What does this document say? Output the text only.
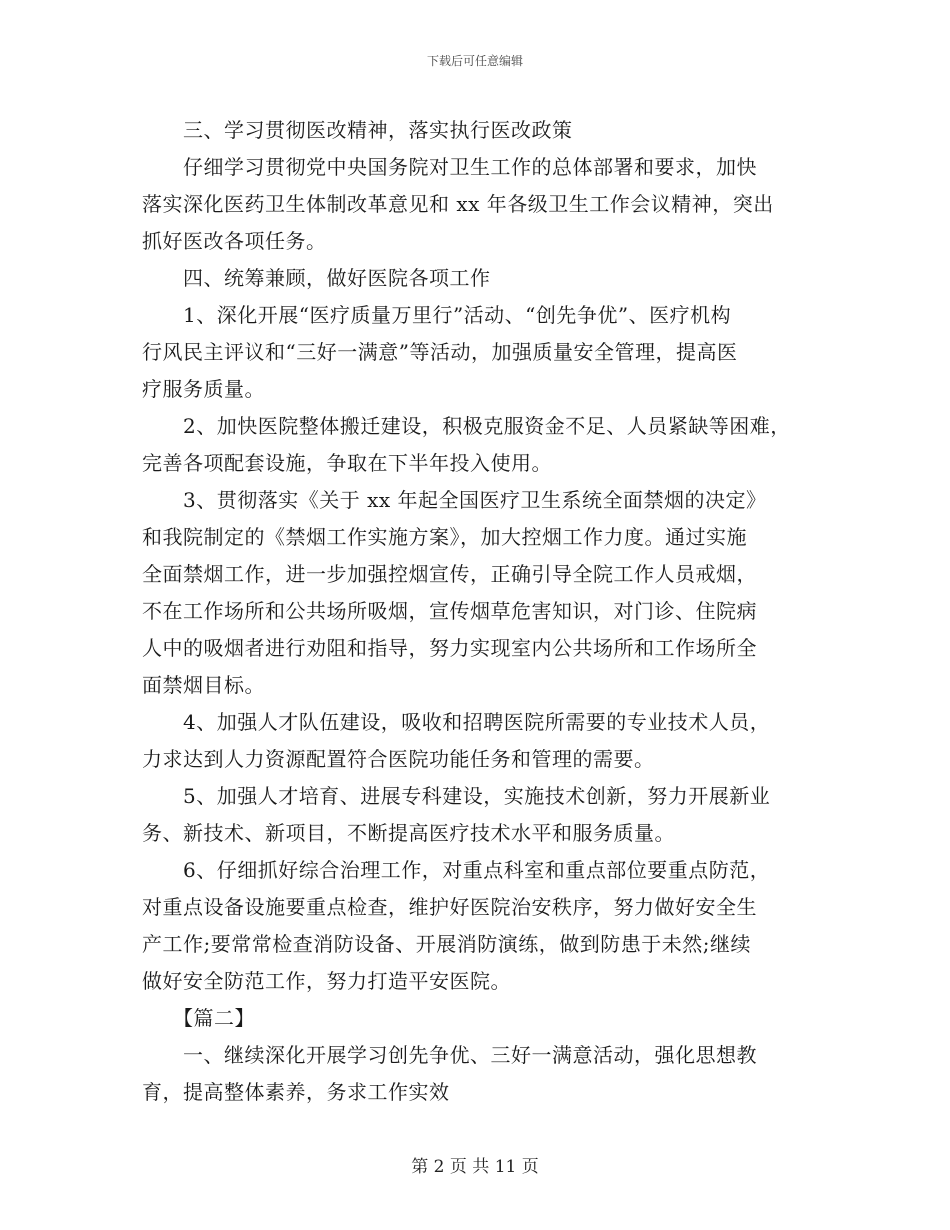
下载后可任意编辑
　　三、学习贯彻医改精神，落实执行医改政策
　　仔细学习贯彻党中央国务院对卫生工作的总体部署和要求，加快
落实深化医药卫生体制改革意见和 xx 年各级卫生工作会议精神，突出
抓好医改各项任务。
　　四、统筹兼顾，做好医院各项工作
　　1、深化开展“医疗质量万里行”活动、“创先争优”、医疗机构
行风民主评议和“三好一满意”等活动，加强质量安全管理，提高医
疗服务质量。
　　2、加快医院整体搬迁建设，积极克服资金不足、人员紧缺等困难，
完善各项配套设施，争取在下半年投入使用。
　　3、贯彻落实《关于 xx 年起全国医疗卫生系统全面禁烟的决定》
和我院制定的《禁烟工作实施方案》，加大控烟工作力度。通过实施
全面禁烟工作，进一步加强控烟宣传，正确引导全院工作人员戒烟，
不在工作场所和公共场所吸烟，宣传烟草危害知识，对门诊、住院病
人中的吸烟者进行劝阻和指导，努力实现室内公共场所和工作场所全
面禁烟目标。
　　4、加强人才队伍建设，吸收和招聘医院所需要的专业技术人员，
力求达到人力资源配置符合医院功能任务和管理的需要。
　　5、加强人才培育、进展专科建设，实施技术创新，努力开展新业
务、新技术、新项目，不断提高医疗技术水平和服务质量。
　　6、仔细抓好综合治理工作，对重点科室和重点部位要重点防范，
对重点设备设施要重点检查，维护好医院治安秩序，努力做好安全生
产工作;要常常检查消防设备、开展消防演练，做到防患于未然;继续
做好安全防范工作，努力打造平安医院。
　　【篇二】
　　一、继续深化开展学习创先争优、三好一满意活动，强化思想教
育，提高整体素养，务求工作实效
第 2 页 共 11 页
